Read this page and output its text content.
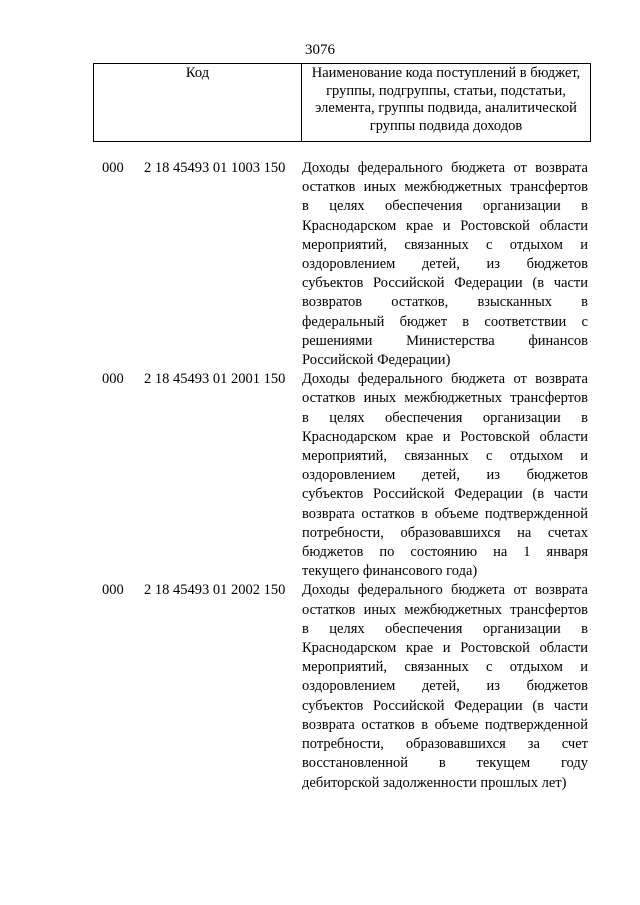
3076
Код	Наименование кода поступлений в бюджет,
группы, подгруппы, статьи, подстатьи,
элемента, группы подвида, аналитической
группы подвида доходов
000	2 18 45493 01 1003 150	Доходы федерального бюджета от возврата
остатков иных межбюджетных трансфертов
в целях обеспечения организации в
Краснодарском крае и Ростовской области
мероприятий, связанных с отдыхом и
оздоровлением детей, из бюджетов
субъектов Российской Федерации (в части
возвратов остатков, взысканных в
федеральный бюджет в соответствии с
решениями Министерства финансов
Российской Федерации)
000	2 18 45493 01 2001 150	Доходы федерального бюджета от возврата
остатков иных межбюджетных трансфертов
в целях обеспечения организации в
Краснодарском крае и Ростовской области
мероприятий, связанных с отдыхом и
оздоровлением детей, из бюджетов
субъектов Российской Федерации (в части
возврата остатков в объеме подтвержденной
потребности, образовавшихся на счетах
бюджетов по состоянию на 1 января
текущего финансового года)
000	2 18 45493 01 2002 150	Доходы федерального бюджета от возврата
остатков иных межбюджетных трансфертов
в целях обеспечения организации в
Краснодарском крае и Ростовской области
мероприятий, связанных с отдыхом и
оздоровлением детей, из бюджетов
субъектов Российской Федерации (в части
возврата остатков в объеме подтвержденной
потребности, образовавшихся за счет
восстановленной в текущем году
дебиторской задолженности прошлых лет)
